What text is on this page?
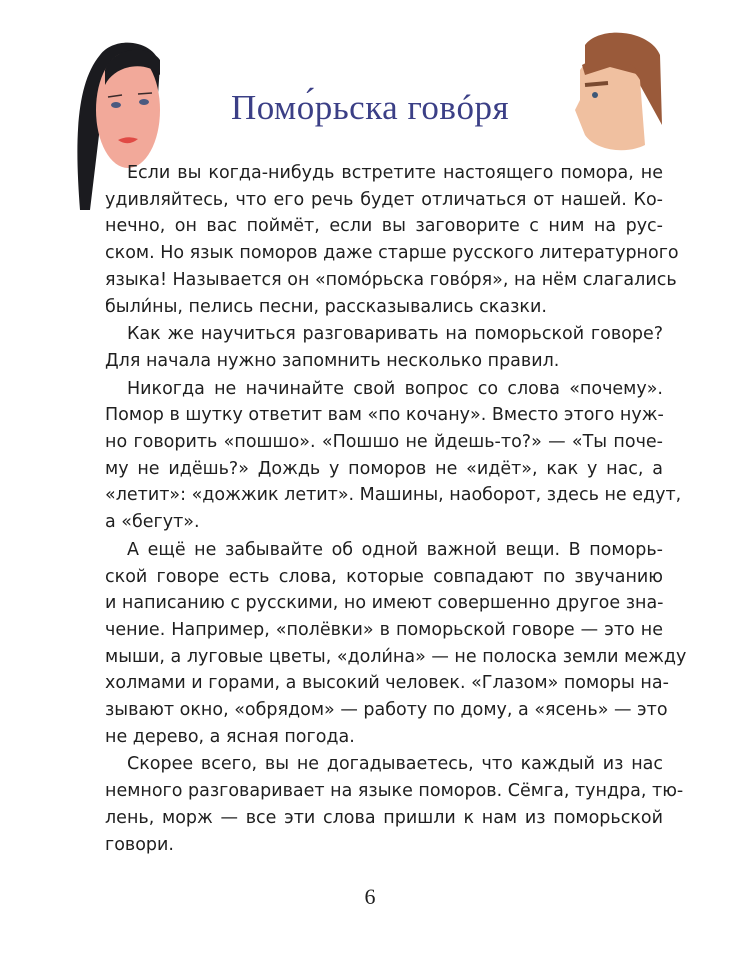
Помо́рьска говóря
Если вы когда-нибудь встретите настоящего помора, не
удивляйтесь, что его речь будет отличаться от нашей. Ко-
нечно, он вас поймёт, если вы заговорите с ним на рус-
ском. Но язык поморов даже старше русского литературного
языка! Называется он «помо́рьска говóря», на нём слагались
были́ны, пелись песни, рассказывались сказки.
Как же научиться разговаривать на поморьской говоре?
Для начала нужно запомнить несколько правил.
Никогда не начинайте свой вопрос со слова «почему».
Помор в шутку ответит вам «по кочану». Вместо этого нуж-
но говорить «пошшо». «Пошшо не йдешь-то?» — «Ты поче-
му не идёшь?» Дождь у поморов не «идёт», как у нас, а
«летит»: «дожжик летит». Машины, наоборот, здесь не едут,
а «бегут».
А ещё не забывайте об одной важной вещи. В поморь-
ской говоре есть слова, которые совпадают по звучанию
и написанию с русскими, но имеют совершенно другое зна-
чение. Например, «полёвки» в поморьской говоре — это не
мыши, а луговые цветы, «доли́на» — не полоска земли между
холмами и горами, а высокий человек. «Глазом» поморы на-
зывают окно, «обрядом» — работу по дому, а «ясень» — это
не дерево, а ясная погода.
Скорее всего, вы не догадываетесь, что каждый из нас
немного разговаривает на языке поморов. Сёмга, тундра, тю-
лень, морж — все эти слова пришли к нам из поморьской
говори.
6
